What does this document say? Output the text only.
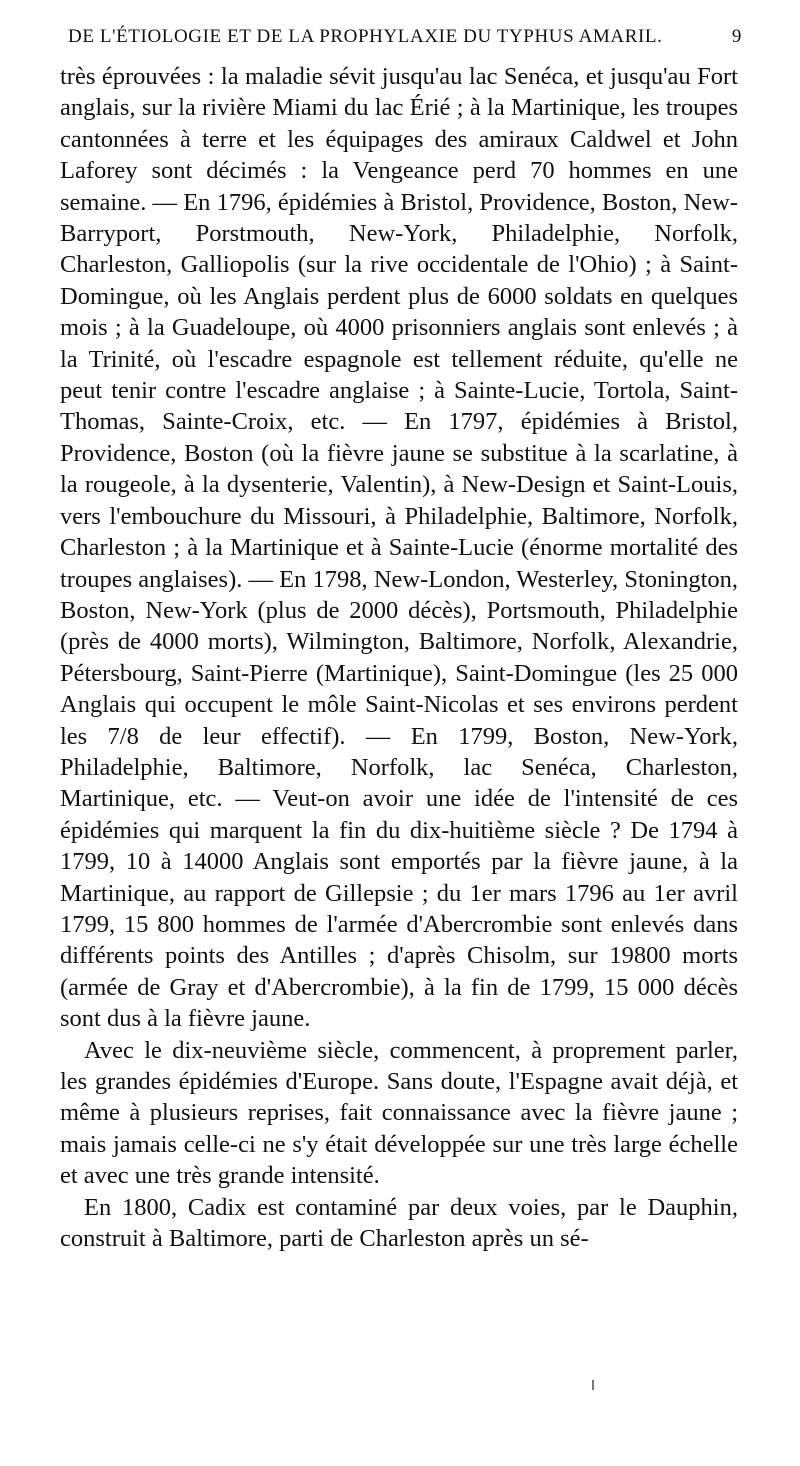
DE L'ÉTIOLOGIE ET DE LA PROPHYLAXIE DU TYPHUS AMARIL.	9

très éprouvées : la maladie sévit jusqu'au lac Senéca, et jusqu'au Fort anglais, sur la rivière Miami du lac Érié ; à la Martinique, les troupes cantonnées à terre et les équipages des amiraux Caldwel et John Laforey sont décimés : la Vengeance perd 70 hommes en une semaine. — En 1796, épidémies à Bristol, Providence, Boston, New-Barryport, Porstmouth, New-York, Philadelphie, Norfolk, Charleston, Galliopolis (sur la rive occidentale de l'Ohio) ; à Saint-Domingue, où les Anglais perdent plus de 6000 soldats en quelques mois ; à la Guadeloupe, où 4000 prisonniers anglais sont enlevés ; à la Trinité, où l'escadre espagnole est tellement réduite, qu'elle ne peut tenir contre l'escadre anglaise ; à Sainte-Lucie, Tortola, Saint-Thomas, Sainte-Croix, etc. — En 1797, épidémies à Bristol, Providence, Boston (où la fièvre jaune se substitue à la scarlatine, à la rougeole, à la dysenterie, Valentin), à New-Design et Saint-Louis, vers l'embouchure du Missouri, à Philadelphie, Baltimore, Norfolk, Charleston ; à la Martinique et à Sainte-Lucie (énorme mortalité des troupes anglaises). — En 1798, New-London, Westerley, Stonington, Boston, New-York (plus de 2000 décès), Portsmouth, Philadelphie (près de 4000 morts), Wilmington, Baltimore, Norfolk, Alexandrie, Pétersbourg, Saint-Pierre (Martinique), Saint-Domingue (les 25 000 Anglais qui occupent le môle Saint-Nicolas et ses environs perdent les 7/8 de leur effectif). — En 1799, Boston, New-York, Philadelphie, Baltimore, Norfolk, lac Senéca, Charleston, Martinique, etc. — Veut-on avoir une idée de l'intensité de ces épidémies qui marquent la fin du dix-huitième siècle ? De 1794 à 1799, 10 à 14000 Anglais sont emportés par la fièvre jaune, à la Martinique, au rapport de Gillepsie ; du 1er mars 1796 au 1er avril 1799, 15 800 hommes de l'armée d'Abercrombie sont enlevés dans différents points des Antilles ; d'après Chisolm, sur 19800 morts (armée de Gray et d'Abercrombie), à la fin de 1799, 15 000 décès sont dus à la fièvre jaune.

Avec le dix-neuvième siècle, commencent, à proprement parler, les grandes épidémies d'Europe. Sans doute, l'Espagne avait déjà, et même à plusieurs reprises, fait connaissance avec la fièvre jaune ; mais jamais celle-ci ne s'y était développée sur une très large échelle et avec une très grande intensité.

En 1800, Cadix est contaminé par deux voies, par le Dauphin, construit à Baltimore, parti de Charleston après un sé-
